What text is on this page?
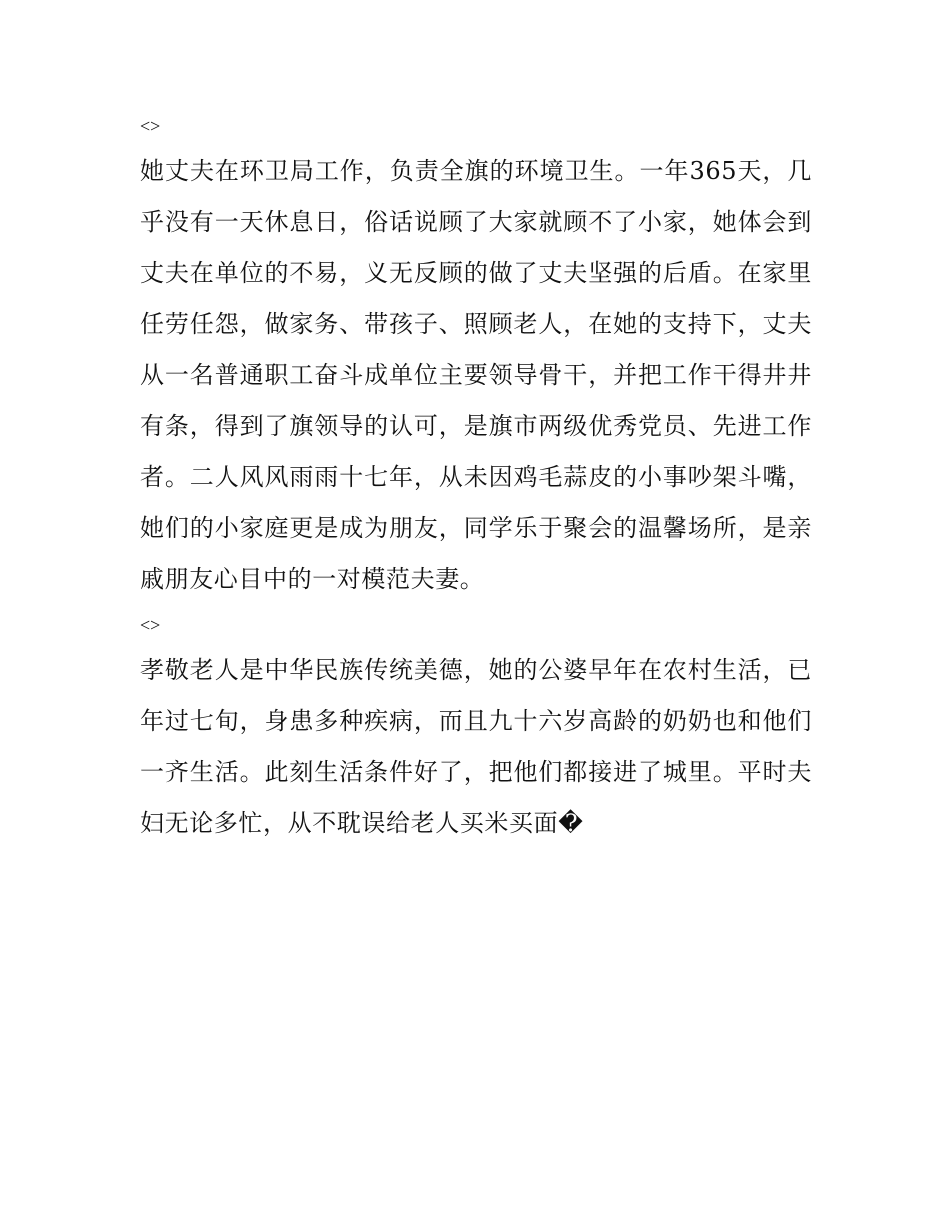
<>

她丈夫在环卫局工作，负责全旗的环境卫生。一年365天，几乎没有一天休息日，俗话说顾了大家就顾不了小家，她体会到丈夫在单位的不易，义无反顾的做了丈夫坚强的后盾。在家里任劳任怨，做家务、带孩子、照顾老人，在她的支持下，丈夫从一名普通职工奋斗成单位主要领导骨干，并把工作干得井井有条，得到了旗领导的认可，是旗市两级优秀党员、先进工作者。二人风风雨雨十七年，从未因鸡毛蒜皮的小事吵架斗嘴，她们的小家庭更是成为朋友，同学乐于聚会的温馨场所，是亲戚朋友心目中的一对模范夫妻。

<>

孝敬老人是中华民族传统美德，她的公婆早年在农村生活，已年过七旬，身患多种疾病，而且九十六岁高龄的奶奶也和他们一齐生活。此刻生活条件好了，把他们都接进了城里。平时夫妇无论多忙，从不耽误给老人买米买面�
